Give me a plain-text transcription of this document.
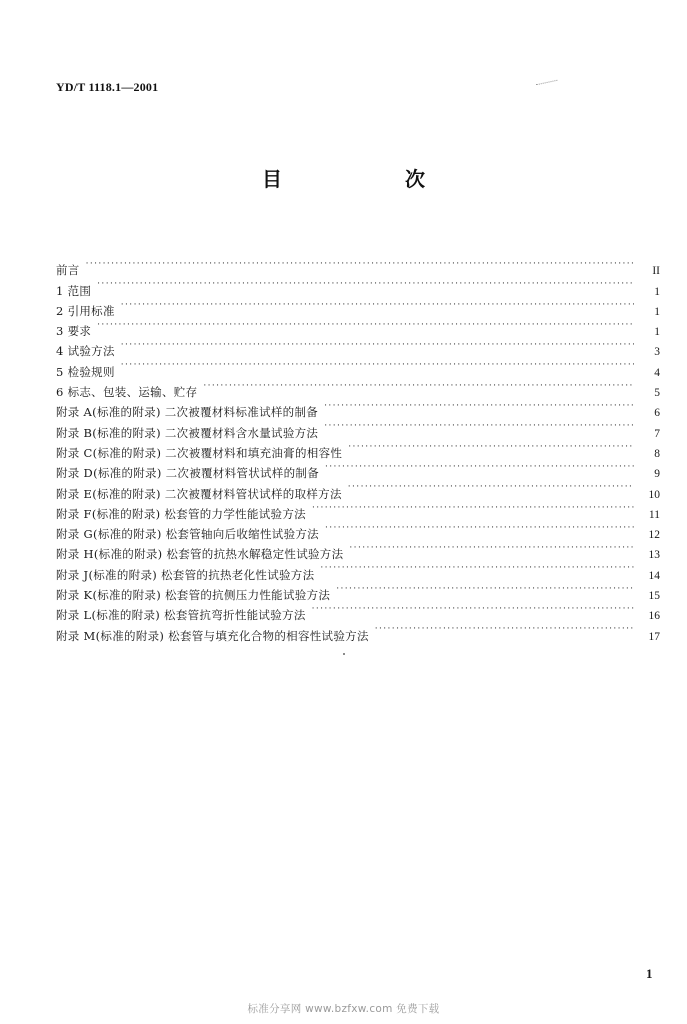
YD/T 1118.1—2001
目 次
前言 ·····	II
1 范围 ·····	1
2 引用标准 ·····	1
3 要求 ·····	1
4 试验方法 ·····	3
5 检验规则 ·····	4
6 标志、包装、运输、贮存 ·····	5
附录 A(标准的附录) 二次被覆材料标准试样的制备 ·····	6
附录 B(标准的附录) 二次被覆材料含水量试验方法 ·····	7
附录 C(标准的附录) 二次被覆材料和填充油膏的相容性 ·····	8
附录 D(标准的附录) 二次被覆材料管状试样的制备 ·····	9
附录 E(标准的附录) 二次被覆材料管状试样的取样方法 ·····	10
附录 F(标准的附录) 松套管的力学性能试验方法 ·····	11
附录 G(标准的附录) 松套管轴向后收缩性试验方法 ·····	12
附录 H(标准的附录) 松套管的抗热水解稳定性试验方法 ·····	13
附录 J(标准的附录) 松套管的抗热老化性试验方法 ·····	14
附录 K(标准的附录) 松套管的抗侧压力性能试验方法 ·····	15
附录 L(标准的附录) 松套管抗弯折性能试验方法 ·····	16
附录 M(标准的附录) 松套管与填充化合物的相容性试验方法 ·····	17
1
标准分享网 www.bzfxw.com 免费下载
